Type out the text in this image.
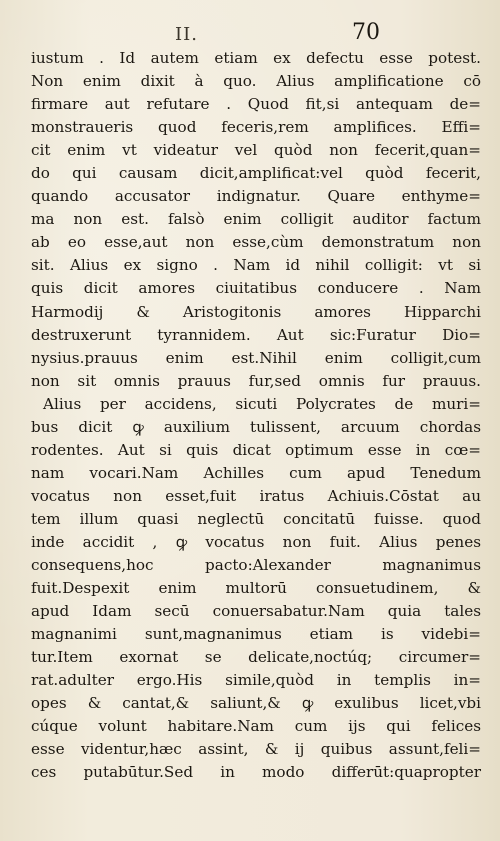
II.	70
iustum . Id autem etiam ex defectu esse potest.
Non enim dixit à quo. Alius amplificatione cō
firmare aut refutare . Quod fit,si antequam de=
monstraueris quod feceris,rem amplifices. Effi=
cit enim vt videatur vel quòd non fecerit,quan=
do qui causam dicit,amplificat:vel quòd fecerit,
quando accusator indignatur. Quare enthyme=
ma non est. falsò enim colligit auditor factum
ab eo esse,aut non esse,cùm demonstratum non
sit. Alius ex signo . Nam id nihil colligit: vt si
quis dicit amores ciuitatibus conducere . Nam
Harmodij & Aristogitonis amores Hipparchi
destruxerunt tyrannidem. Aut sic:Furatur Dio=
nysius.prauus enim est.Nihil enim colligit,cum
non sit omnis prauus fur,sed omnis fur prauus.
Alius per accidens, sicuti Polycrates de muri=
bus dicit ꝙ auxilium tulissent, arcuum chordas
rodentes. Aut si quis dicat optimum esse in cœ=
nam vocari.Nam Achilles cum apud Tenedum
vocatus non esset,fuit iratus Achiuis.Cōstat au
tem illum quasi neglectū concitatū fuisse. quod
inde accidit , ꝙ vocatus non fuit. Alius penes
consequens,hoc pacto:Alexander magnanimus
fuit.Despexit enim multorū consuetudinem, &
apud Idam secū conuersabatur.Nam quia tales
magnanimi sunt,magnanimus etiam is videbi=
tur.Item exornat se delicate,noctúq; circumer=
rat.adulter ergo.His simile,quòd in templis in=
opes & cantat,& saliunt,& ꝙ exulibus licet,vbi
cúque volunt habitare.Nam cum ijs qui felices
esse videntur,hæc assint, & ij quibus assunt,feli=
ces putabūtur.Sed in modo differūt:quapropter
